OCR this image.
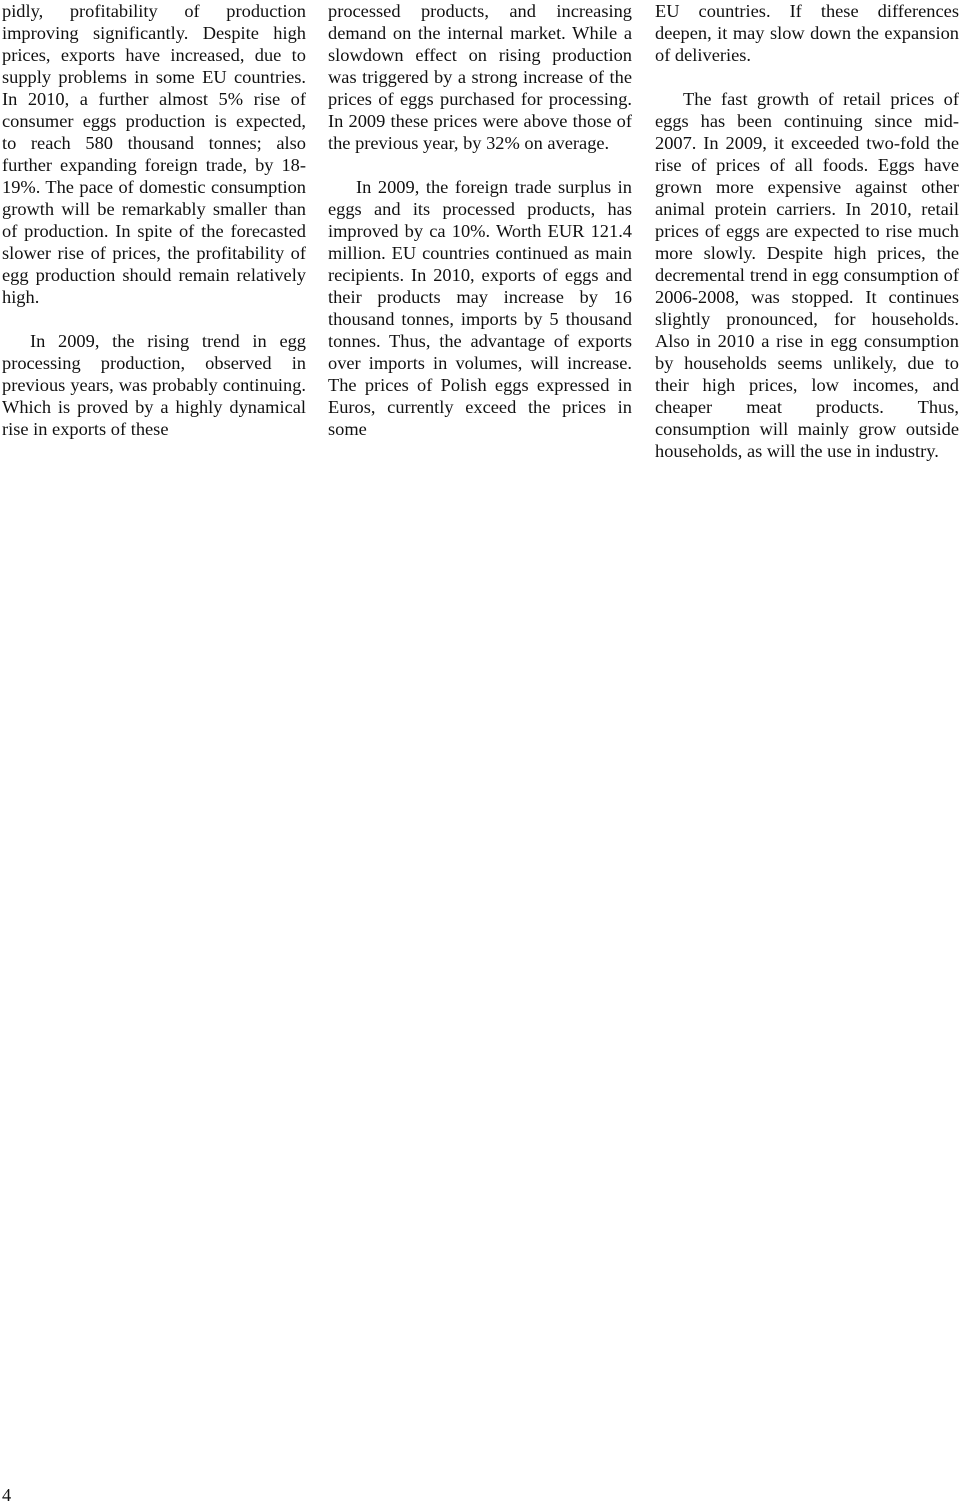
pidly, profitability of production improving significantly. Despite high prices, exports have increased, due to supply problems in some EU countries. In 2010, a further almost 5% rise of consumer eggs production is expected, to reach 580 thousand tonnes; also further expanding foreign trade, by 18-19%. The pace of domestic consumption growth will be remarkably smaller than of production. In spite of the forecasted slower rise of prices, the profitability of egg production should remain relatively high.

In 2009, the rising trend in egg processing production, observed in previous years, was probably continuing. Which is proved by a highly dynamical rise in exports of these

processed products, and increasing demand on the internal market. While a slowdown effect on rising production was triggered by a strong increase of the prices of eggs purchased for processing. In 2009 these prices were above those of the previous year, by 32% on average.

In 2009, the foreign trade surplus in eggs and its processed products, has improved by ca 10%. Worth EUR 121.4 million. EU countries continued as main recipients. In 2010, exports of eggs and their products may increase by 16 thousand tonnes, imports by 5 thousand tonnes. Thus, the advantage of exports over imports in volumes, will increase. The prices of Polish eggs expressed in Euros, currently exceed the prices in some

EU countries. If these differences deepen, it may slow down the expansion of deliveries.

The fast growth of retail prices of eggs has been continuing since mid-2007. In 2009, it exceeded two-fold the rise of prices of all foods. Eggs have grown more expensive against other animal protein carriers. In 2010, retail prices of eggs are expected to rise much more slowly. Despite high prices, the decremental trend in egg consumption of 2006-2008, was stopped. It continues slightly pronounced, for households. Also in 2010 a rise in egg consumption by households seems unlikely, due to their high prices, low incomes, and cheaper meat products. Thus, consumption will mainly grow outside households, as will the use in industry.

4
